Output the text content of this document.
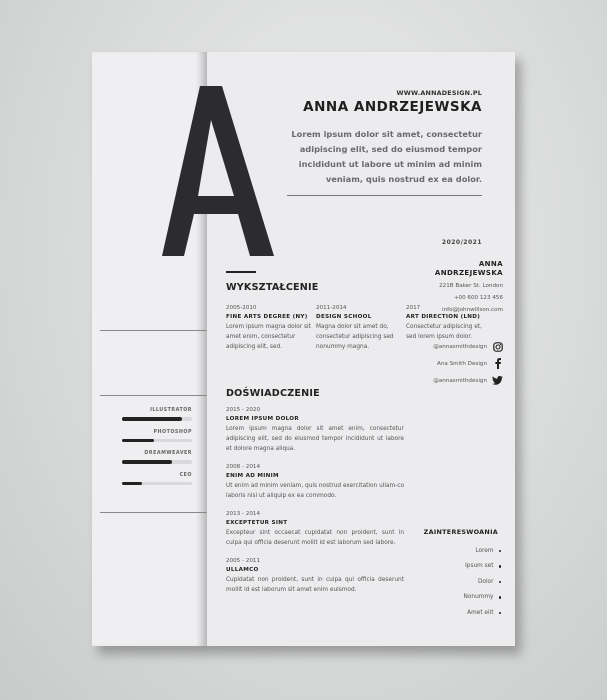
ANNA
ANDRZEJEWSKA
221B Baker St. London
+00 600 123 456
info@johnwillson.com
@annasmithdesign
Ana Smith Design
@annasmithdesign
ILLUSTRATOR
PHOTOSHOP
DREAMWEAVER
CEO
ZAINTERESWOANIA
Lorem
Ipsum set
Dolor
Nonummy
Amet elit
WWW.ANNADESIGN.PL
ANNA ANDRZEJEWSKA
Lorem ipsum dolor sit amet, consectetur adipiscing elit, sed do eiusmod tempor incididunt ut labore ut minim ad minim veniam, quis nostrud ex ea dolor.
2020/2021
WYKSZTAŁCENIE
2005-2010
FINE ARTS DEGREE (NY)
Lorem ipsum magna dolor sit amet enim, consectetur adipiscing elit, sed.
2011-2014
DESIGN SCHOOL
Magna dolor sit amet do, consectetur adipiscing sed nonummy magna.
2017
ART DIRECTION (LND)
Consectetur adipiscing et, sed lorem ipsum dolor.
DOŚWIADCZENIE
2015 - 2020
LOREM IPSUM DOLOR
Lorem ipsum magna dolor sit amet enim, consectetur adipiscing elit, sed do eiusmod tempor incididunt ut labore et dolore magna aliqua.
2008 - 2014
ENIM AD MINIM
Ut enim ad minim veniam, quis nostrud exercitation ullam-co laboris nisi ut aliquip ex ea commodo.
2013 - 2014
EXCEPTETUR SINT
Excepteur sint occaecat cupidatat non proident, sunt in culpa qui officia deserunt mollit id est laborum sed labore.
2005 - 2011
ULLAMCO
Cupidatat non proident, sunt in culpa qui officia deserunt mollit id est laborum sit amet enim euismod.
